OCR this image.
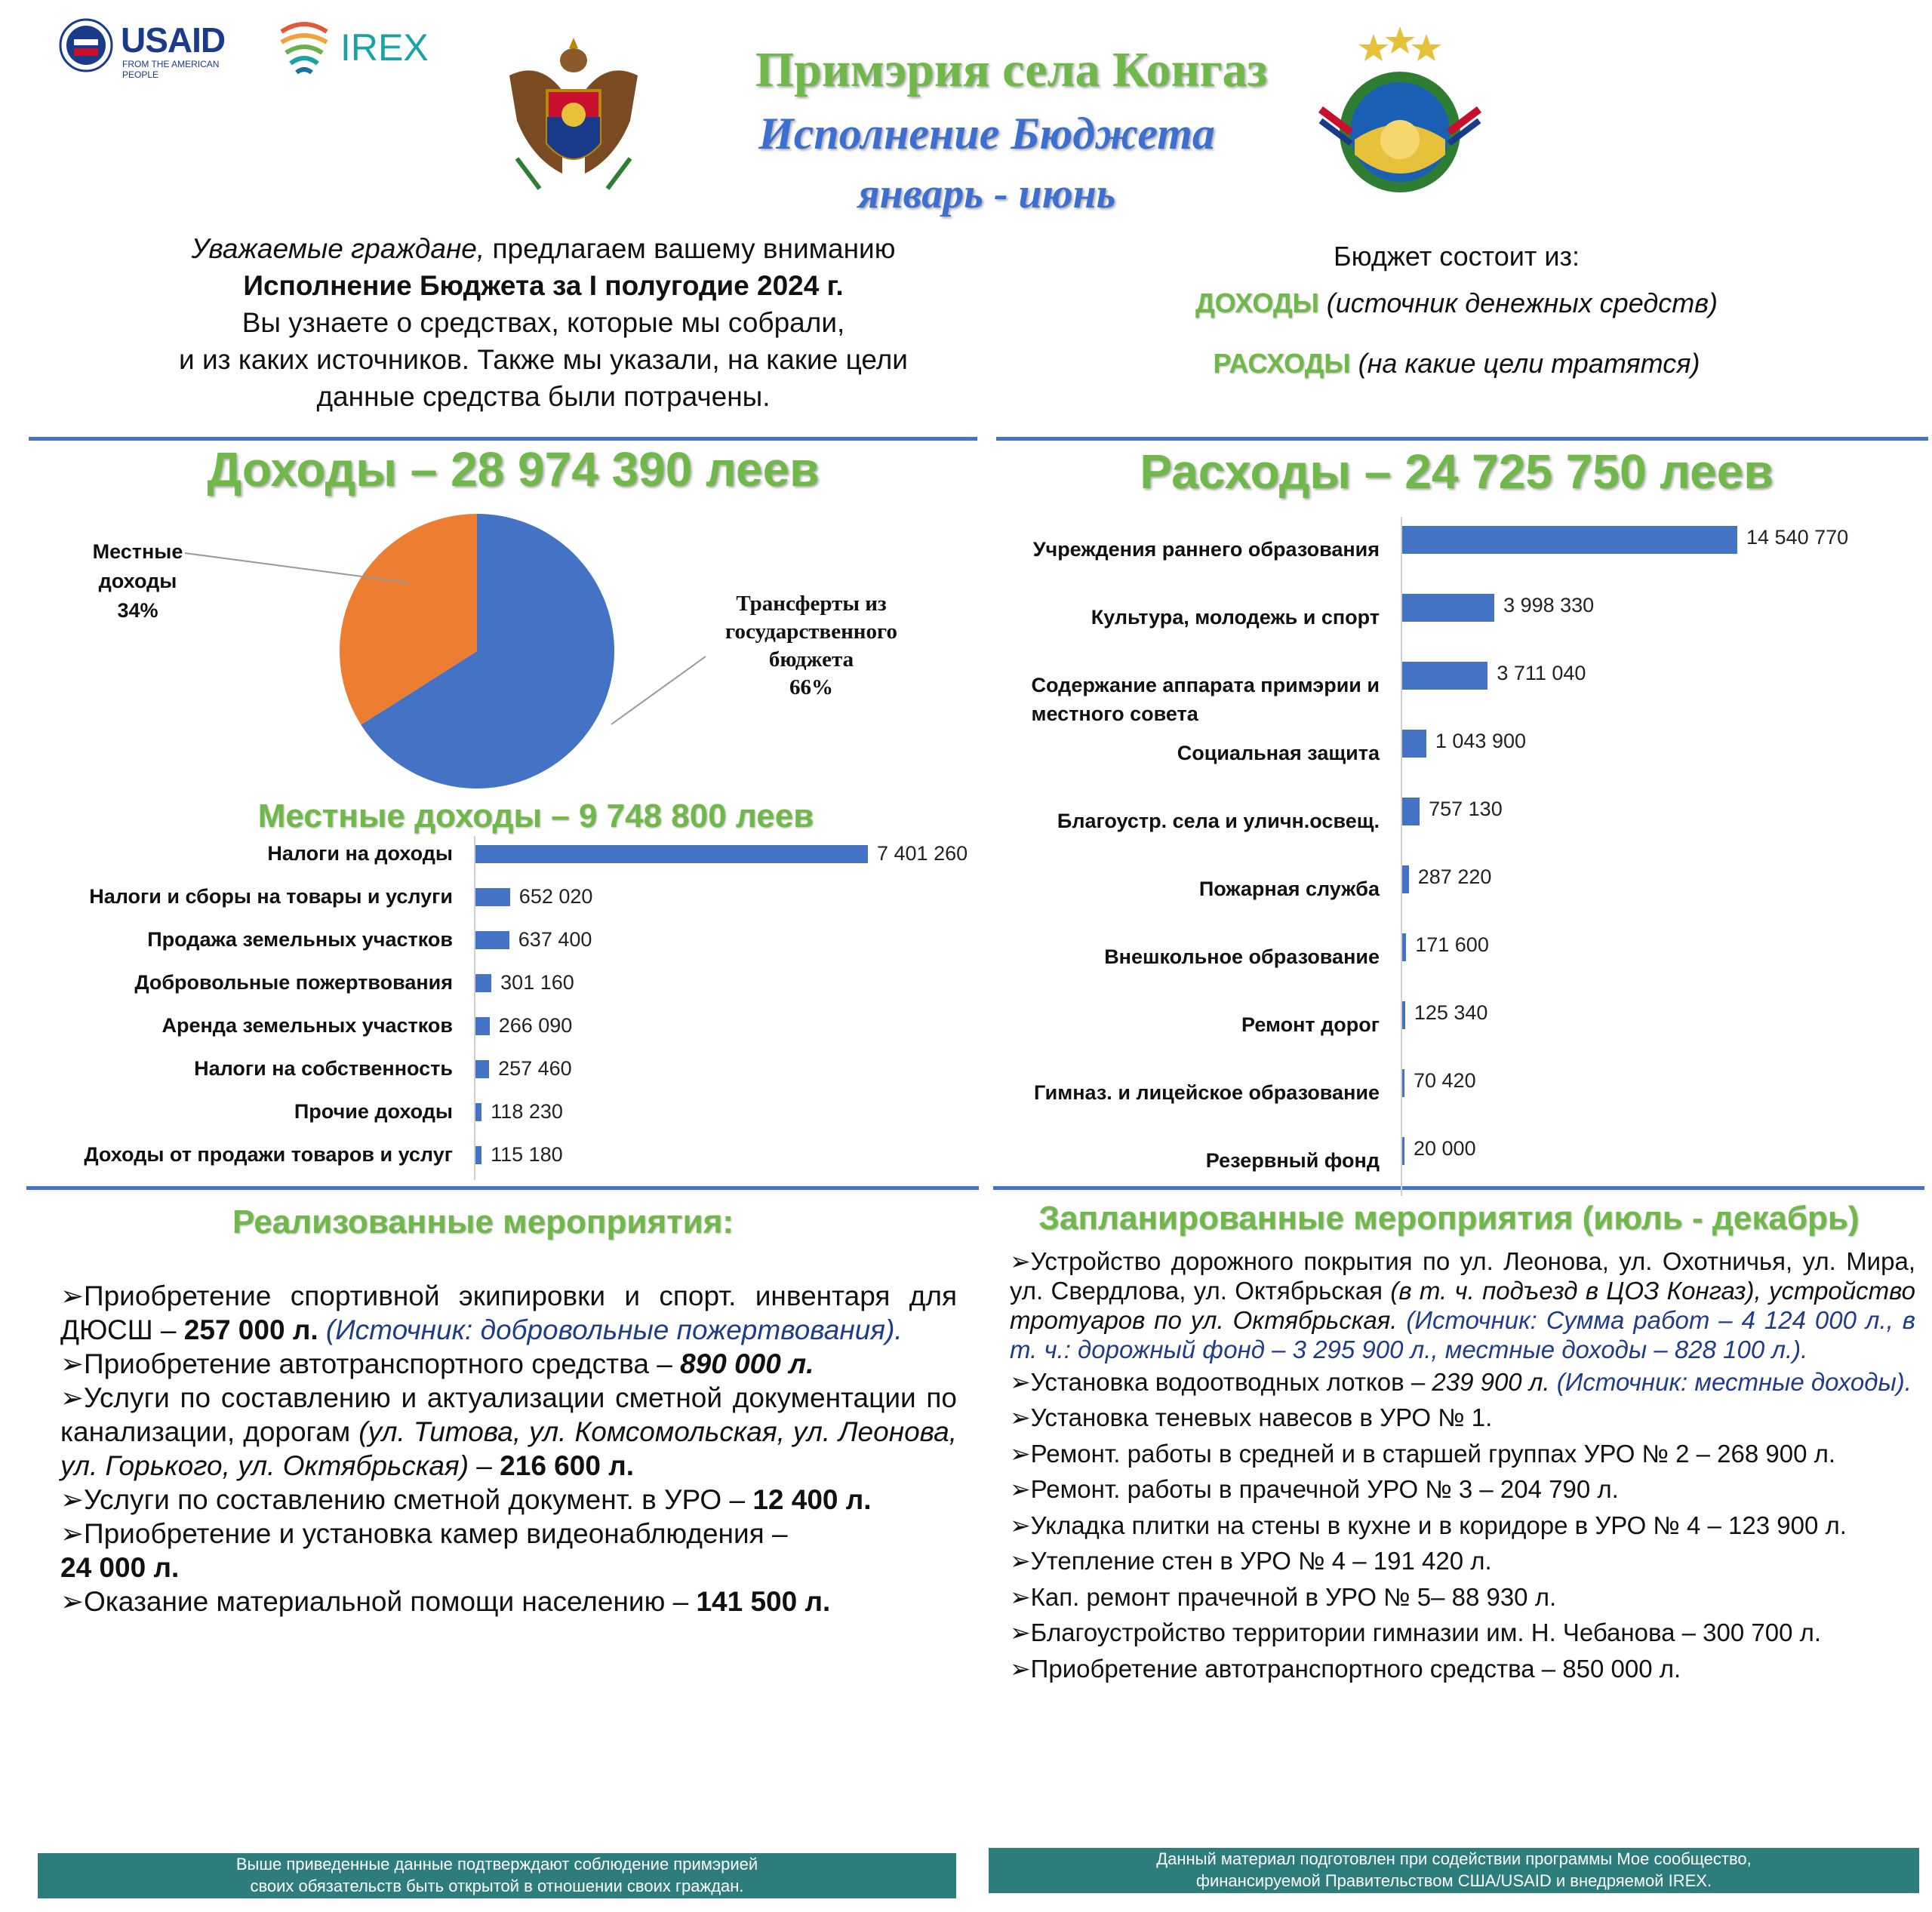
USAID
FROM THE AMERICAN PEOPLE
IREX	Примэрия села Конгаз
Исполнение Бюджета
январь - июнь
Уважаемые граждане, предлагаем вашему вниманию
Исполнение Бюджета за I полугодие 2024 г.
Вы узнаете о средствах, которые мы собрали,
и из каких источников. Также мы указали, на какие цели
данные средства были потрачены.
Бюджет состоит из:
ДОХОДЫ (источник денежных средств)
РАСХОДЫ (на какие цели тратятся)
Доходы – 28 974 390 леев	Расходы – 24 725 750 леев
Местные
доходы
34%	Трансферты из
государственного
бюджета
66%
Местные доходы – 9 748 800 леев
Налоги на доходы	7 401 260
Налоги и сборы на товары и услуги	652 020
Продажа земельных участков	637 400
Добровольные пожертвования 301 160
Аренда земельных участков 266 090
Налоги на собственность 257 460
Прочие доходы 118 230
Доходы от продажи товаров и услуг 115 180
Учреждения раннего образования
14 540 770
Культура, молодежь и спорт
3 998 330
Содержание аппарата примэрии и
местного совета
3 711 040
Социальная защита
1 043 900
Благоустр. села и уличн.освещ.
757 130
Пожарная служба
287 220
Внешкольное образование
171 600
Ремонт дорог
125 340
Гимназ. и лицейское образование
70 420
Резервный фонд
20 000
Реализованные мероприятия:

➢Приобретение спортивной экипировки и спорт. инвентаря для ДЮСШ – 257 000 л. (Источник: добровольные пожертвования).

➢Приобретение автотранспортного средства – 890 000 л.

➢Услуги по составлению и актуализации сметной документации по канализации, дорогам (ул. Титова, ул. Комсомольская, ул. Леонова, ул. Горького, ул. Октябрьская) – 216 600 л.

➢Услуги по составлению сметной документ. в УРО – 12 400 л.

➢Приобретение и установка камер видеонаблюдения –
24 000 л.

➢Оказание материальной помощи населению – 141 500 л.

Запланированные мероприятия (июль - декабрь)

➢Устройство дорожного покрытия по ул. Леонова, ул. Охотничья, ул. Мира, ул. Свердлова, ул. Октябрьская (в т. ч. подъезд в ЦОЗ Конгаз), устройство тротуаров по ул. Октябрьская. (Источник: Сумма работ – 4 124 000 л., в т. ч.: дорожный фонд – 3 295 900 л., местные доходы – 828 100 л.).

➢Установка водоотводных лотков – 239 900 л. (Источник: местные доходы).

➢Установка теневых навесов в УРО № 1.

➢Ремонт. работы в средней и в старшей группах УРО № 2 – 268 900 л.

➢Ремонт. работы в прачечной УРО № 3 – 204 790 л.

➢Укладка плитки на стены в кухне и в коридоре в УРО № 4 – 123 900 л.

➢Утепление стен в УРО № 4 – 191 420 л.

➢Кап. ремонт прачечной в УРО № 5– 88 930 л.

➢Благоустройство территории гимназии им. Н. Чебанова – 300 700 л.

➢Приобретение автотранспортного средства – 850 000 л.

Выше приведенные данные подтверждают соблюдение примэрией
своих обязательств быть открытой в отношении своих граждан.
Данный материал подготовлен при содействии программы Мое сообщество,
финансируемой Правительством США/USAID и внедряемой IREX.
